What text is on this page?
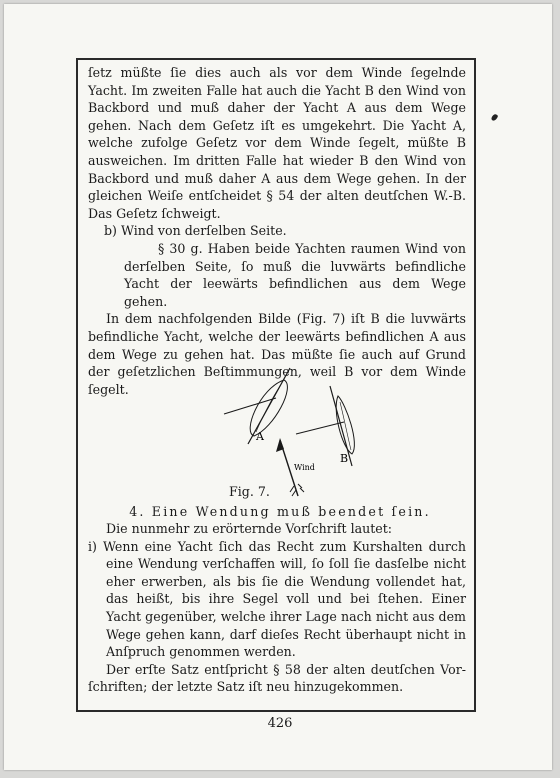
ſetz müßte ſie dies auch als vor dem Winde ſegelnde Yacht. Im zweiten Falle hat auch die Yacht B den Wind von Backbord und muß daher der Yacht A aus dem Wege gehen. Nach dem Geſetz iſt es umgekehrt. Die Yacht A, welche zufolge Geſetz vor dem Winde ſegelt, müßte B ausweichen. Im dritten Falle hat wieder B den Wind von Backbord und muß daher A aus dem Wege gehen. In der gleichen Weiſe entſcheidet § 54 der alten deutſchen W.-B. Das Geſetz ſchweigt.

b) Wind von derſelben Seite.

§ 30 g. Haben beide Yachten raumen Wind von derſelben Seite, ſo muß die luvwärts befindliche Yacht der leewärts befindlichen aus dem Wege gehen.

In dem nachfolgenden Bilde (Fig. 7) iſt B die luvwärts befindliche Yacht, welche der leewärts befindlichen A aus dem Wege zu gehen hat. Das müßte ſie auch auf Grund der geſetzlichen Beſtimmungen, weil B vor dem Winde ſegelt.

A
B
Wind
Fig. 7.
4. Eine Wendung muß beendet ſein.

Die nunmehr zu erörternde Vorſchrift lautet:

i) Wenn eine Yacht ſich das Recht zum Kurshalten durch eine Wendung verſchaffen will, ſo ſoll ſie dasſelbe nicht eher erwerben, als bis ſie die Wendung vollendet hat, das heißt, bis ihre Segel voll und bei ſtehen. Einer Yacht gegenüber, welche ihrer Lage nach nicht aus dem Wege gehen kann, darf dieſes Recht überhaupt nicht in Anſpruch genommen werden.

Der erſte Satz entſpricht § 58 der alten deutſchen Vorſchriften; der letzte Satz iſt neu hinzugekommen.

426
